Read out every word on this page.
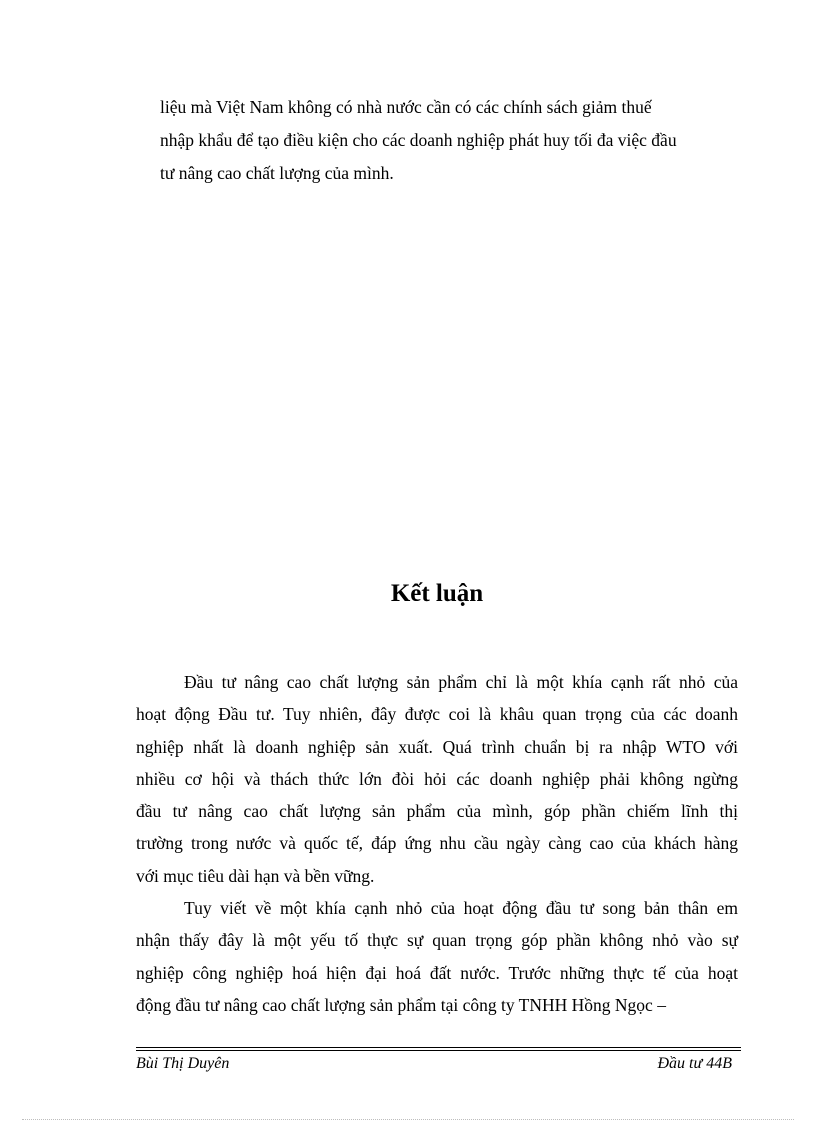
liệu mà Việt Nam không có nhà nước cần có các chính sách giảm thuế
nhập khẩu để tạo điều kiện cho các doanh nghiệp phát huy tối đa việc đầu
tư nâng cao chất lượng của mình.
Kết luận
Đầu tư nâng cao chất lượng sản phẩm chỉ là một khía cạnh rất nhỏ của
hoạt động Đầu tư. Tuy nhiên, đây được coi là khâu quan trọng của các doanh
nghiệp nhất là doanh nghiệp sản xuất. Quá trình chuẩn bị ra nhập WTO với
nhiều cơ hội và thách thức lớn đòi hỏi các doanh nghiệp phải không ngừng
đầu tư nâng cao chất lượng sản phẩm của mình, góp phần chiếm lĩnh thị
trường trong nước và quốc tế, đáp ứng nhu cầu ngày càng cao của khách hàng
với mục tiêu dài hạn và bền vững.
Tuy viết về một khía cạnh nhỏ của hoạt động đầu tư song bản thân em
nhận thấy đây là một yếu tố thực sự quan trọng góp phần không nhỏ vào sự
nghiệp công nghiệp hoá hiện đại hoá đất nước. Trước những thực tế của hoạt
động đầu tư nâng cao chất lượng sản phẩm tại công ty TNHH Hồng Ngọc –
Bùi Thị Duyên	Đầu tư 44B
